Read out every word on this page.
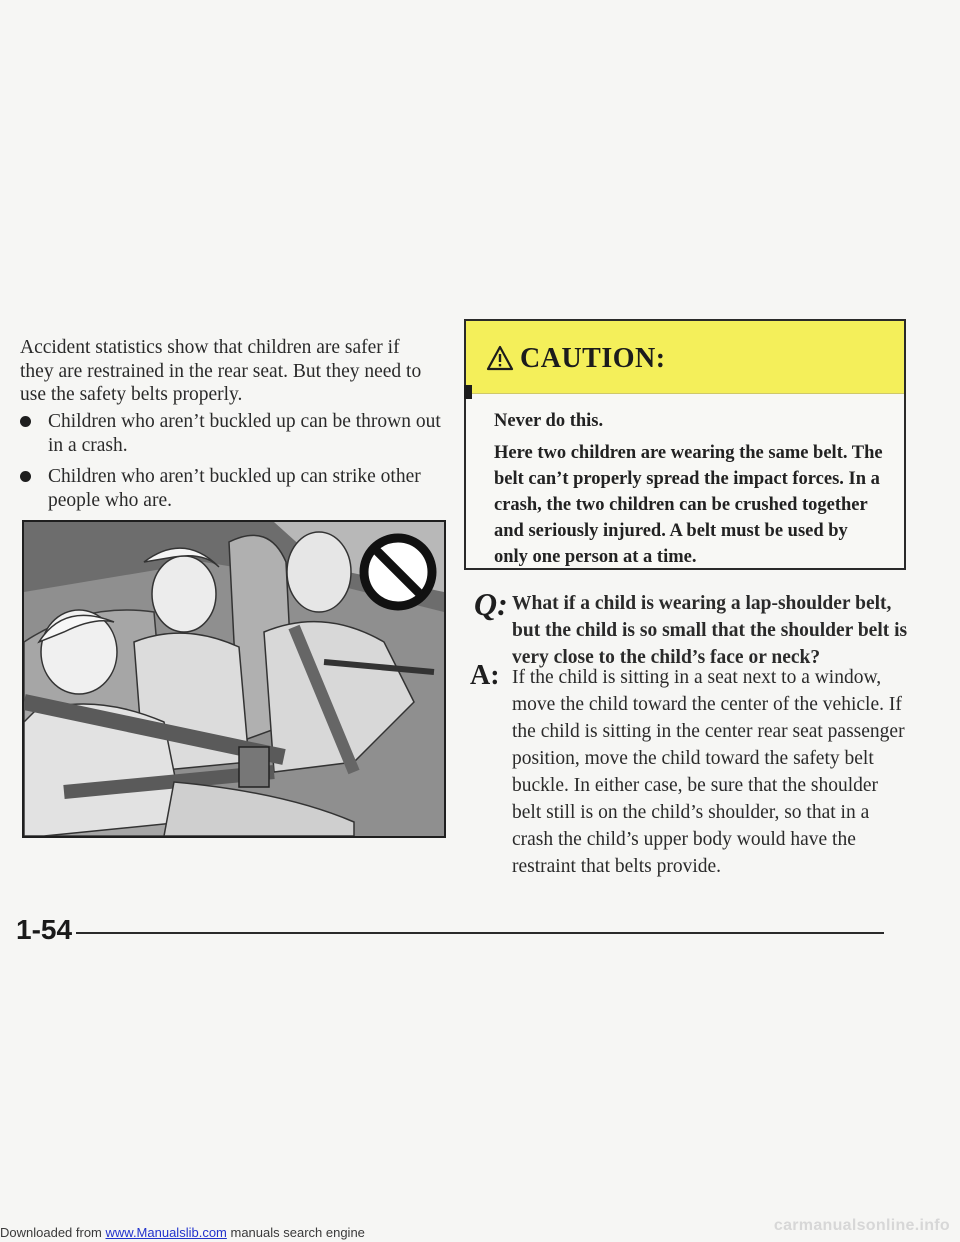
Accident statistics show that children are safer if they are restrained in the rear seat. But they need to use the safety belts properly.

Children who aren’t buckled up can be thrown out in a crash.
Children who aren’t buckled up can strike other people who are.
CAUTION:

Never do this.

Here two children are wearing the same belt. The belt can’t properly spread the impact forces. In a crash, the two children can be crushed together and seriously injured. A belt must be used by only one person at a time.

Q: What if a child is wearing a lap-shoulder belt, but the child is so small that the shoulder belt is very close to the child’s face or neck?

A: If the child is sitting in a seat next to a window, move the child toward the center of the vehicle. If the child is sitting in the center rear seat passenger position, move the child toward the safety belt buckle. In either case, be sure that the shoulder belt still is on the child’s shoulder, so that in a crash the child’s upper body would have the restraint that belts provide.

1-54
Downloaded from www.Manualslib.com manuals search engine	carmanualsonline.info
